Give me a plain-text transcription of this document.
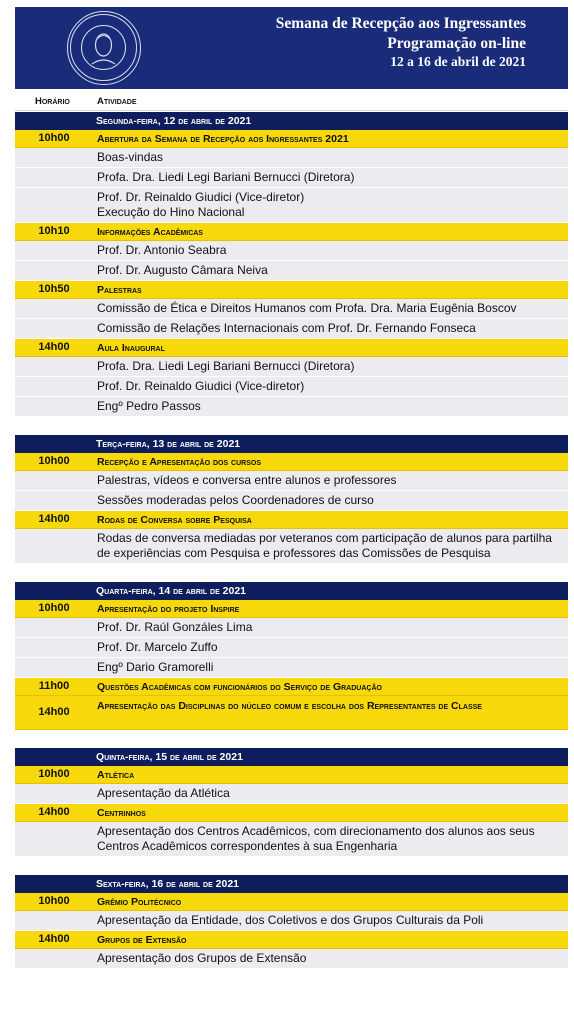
Semana de Recepção aos Ingressantes
Programação on-line
12 a 16 de abril de 2021
Horário	Atividade
Segunda-feira, 12 de abril de 2021
10h00	Abertura da Semana de Recepção aos Ingressantes 2021
Boas-vindas
Profa. Dra. Liedi Legi Bariani Bernucci (Diretora)
Prof. Dr. Reinaldo Giudici (Vice-diretor)
Execução do Hino Nacional
10h10	Informações Acadêmicas
Prof. Dr. Antonio Seabra
Prof. Dr. Augusto Câmara Neiva
10h50	Palestras
Comissão de Ética e Direitos Humanos com Profa. Dra. Maria Eugênia Boscov
Comissão de Relações Internacionais com Prof. Dr. Fernando Fonseca
14h00	Aula Inaugural
Profa. Dra. Liedi Legi Bariani Bernucci (Diretora)
Prof. Dr. Reinaldo Giudici (Vice-diretor)
Engº Pedro Passos
Terça-feira, 13 de abril de 2021
10h00	Recepção e Apresentação dos cursos
Palestras, vídeos e conversa entre alunos e professores
Sessões moderadas pelos Coordenadores de curso
14h00	Rodas de Conversa sobre Pesquisa
Rodas de conversa mediadas por veteranos com participação de alunos para partilha de experiências com Pesquisa e professores das Comissões de Pesquisa
Quarta-feira, 14 de abril de 2021
10h00	Apresentação do projeto Inspire
Prof. Dr. Raúl Gonzáles Lima
Prof. Dr. Marcelo Zuffo
Engº Dario Gramorelli
11h00	Questões Acadêmicas com funcionários do Serviço de Graduação
14h00	Apresentação das Disciplinas do núcleo comum e escolha dos Representantes de Classe
Quinta-feira, 15 de abril de 2021
10h00	Atlética
Apresentação da Atlética
14h00	Centrinhos
Apresentação dos Centros Acadêmicos, com direcionamento dos alunos aos seus Centros Acadêmicos correspondentes à sua Engenharia
Sexta-feira, 16 de abril de 2021
10h00	Grêmio Politécnico
Apresentação da Entidade, dos Coletivos e dos Grupos Culturais da Poli
14h00	Grupos de Extensão
Apresentação dos Grupos de Extensão
